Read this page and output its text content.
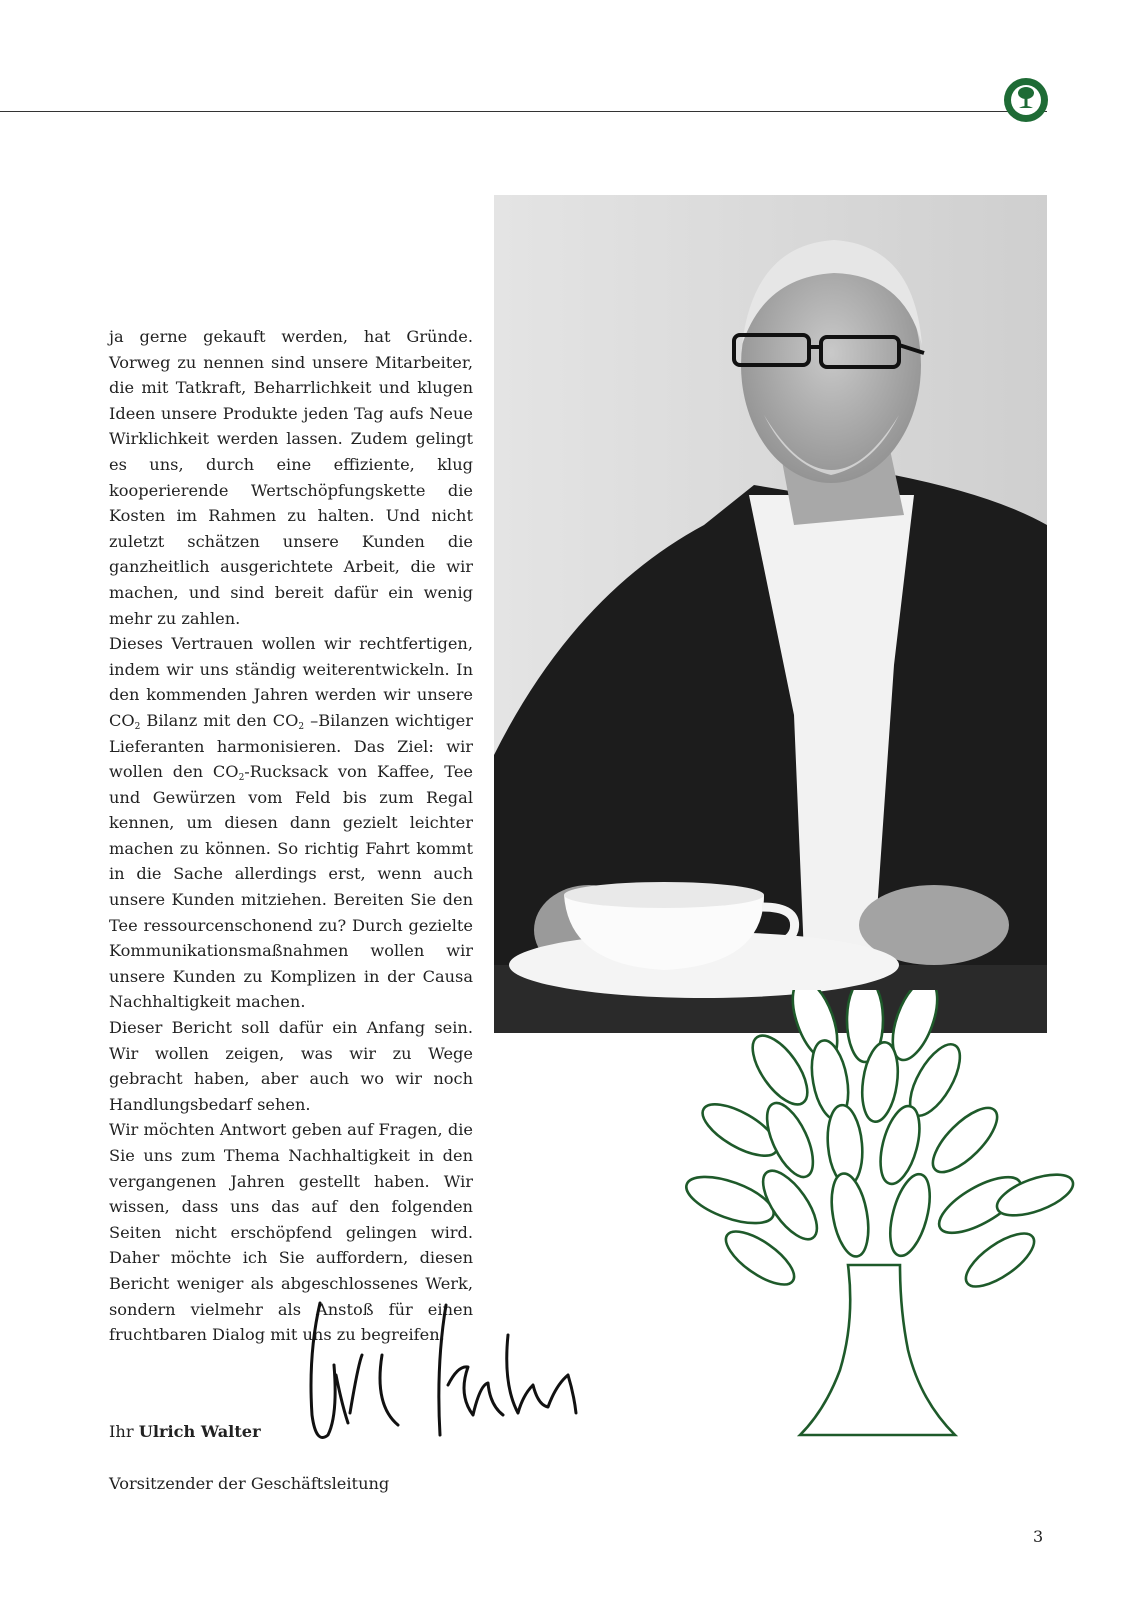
ja gerne gekauft werden, hat Gründe. Vorweg zu nennen sind unsere Mitarbeiter, die mit Tatkraft, Beharrlichkeit und klugen Ideen unsere Produkte jeden Tag aufs Neue Wirklichkeit werden lassen. Zudem gelingt es uns, durch eine effiziente, klug kooperierende Wertschöpfungskette die Kosten im Rahmen zu halten. Und nicht zuletzt schätzen unsere Kunden die ganzheitlich ausgerichtete Arbeit, die wir machen, und sind bereit dafür ein wenig mehr zu zahlen.

Dieses Vertrauen wollen wir rechtfertigen, indem wir uns ständig weiterentwickeln. In den kommenden Jahren werden wir unsere $CO_2$ Bilanz mit den $CO_2$ –Bilanzen wichtiger Lieferanten harmonisieren. Das Ziel: wir wollen den $CO_2$-Rucksack von Kaffee, Tee und Gewürzen vom Feld bis zum Regal kennen, um diesen dann gezielt leichter machen zu können. So richtig Fahrt kommt in die Sache allerdings erst, wenn auch unsere Kunden mitziehen. Bereiten Sie den Tee ressourcenschonend zu? Durch gezielte Kommunikationsmaßnahmen wollen wir unsere Kunden zu Komplizen in der Causa Nachhaltigkeit machen.

Dieser Bericht soll dafür ein Anfang sein. Wir wollen zeigen, was wir zu Wege gebracht haben, aber auch wo wir noch Handlungsbedarf sehen.

Wir möchten Antwort geben auf Fragen, die Sie uns zum Thema Nachhaltigkeit in den vergangenen Jahren gestellt haben. Wir wissen, dass uns das auf den folgenden Seiten nicht erschöpfend gelingen wird. Daher möchte ich Sie auffordern, diesen Bericht weniger als abgeschlossenes Werk, sondern vielmehr als Anstoß für einen fruchtbaren Dialog mit uns zu begreifen.

Ihr Ulrich Walter
Vorsitzender der Geschäftsleitung
3
